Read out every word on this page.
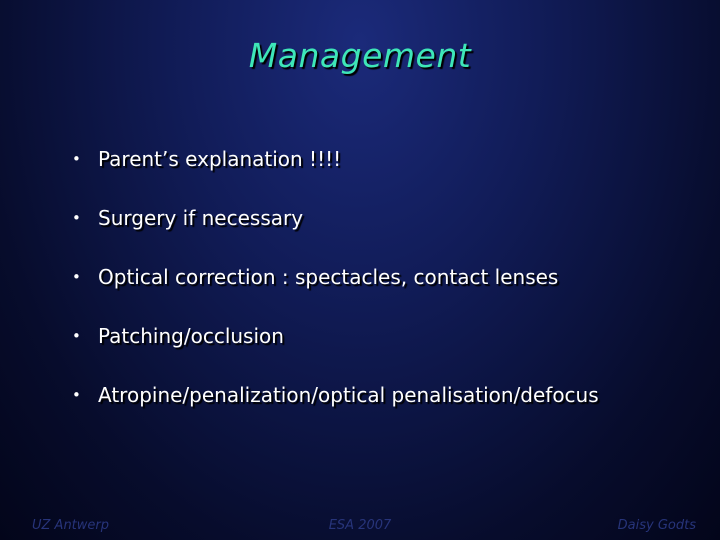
Management
• Parent’s explanation !!!!
• Surgery if necessary
• Optical correction : spectacles, contact lenses
• Patching/occlusion
• Atropine/penalization/optical penalisation/defocus
UZ Antwerp	ESA 2007	Daisy Godts
